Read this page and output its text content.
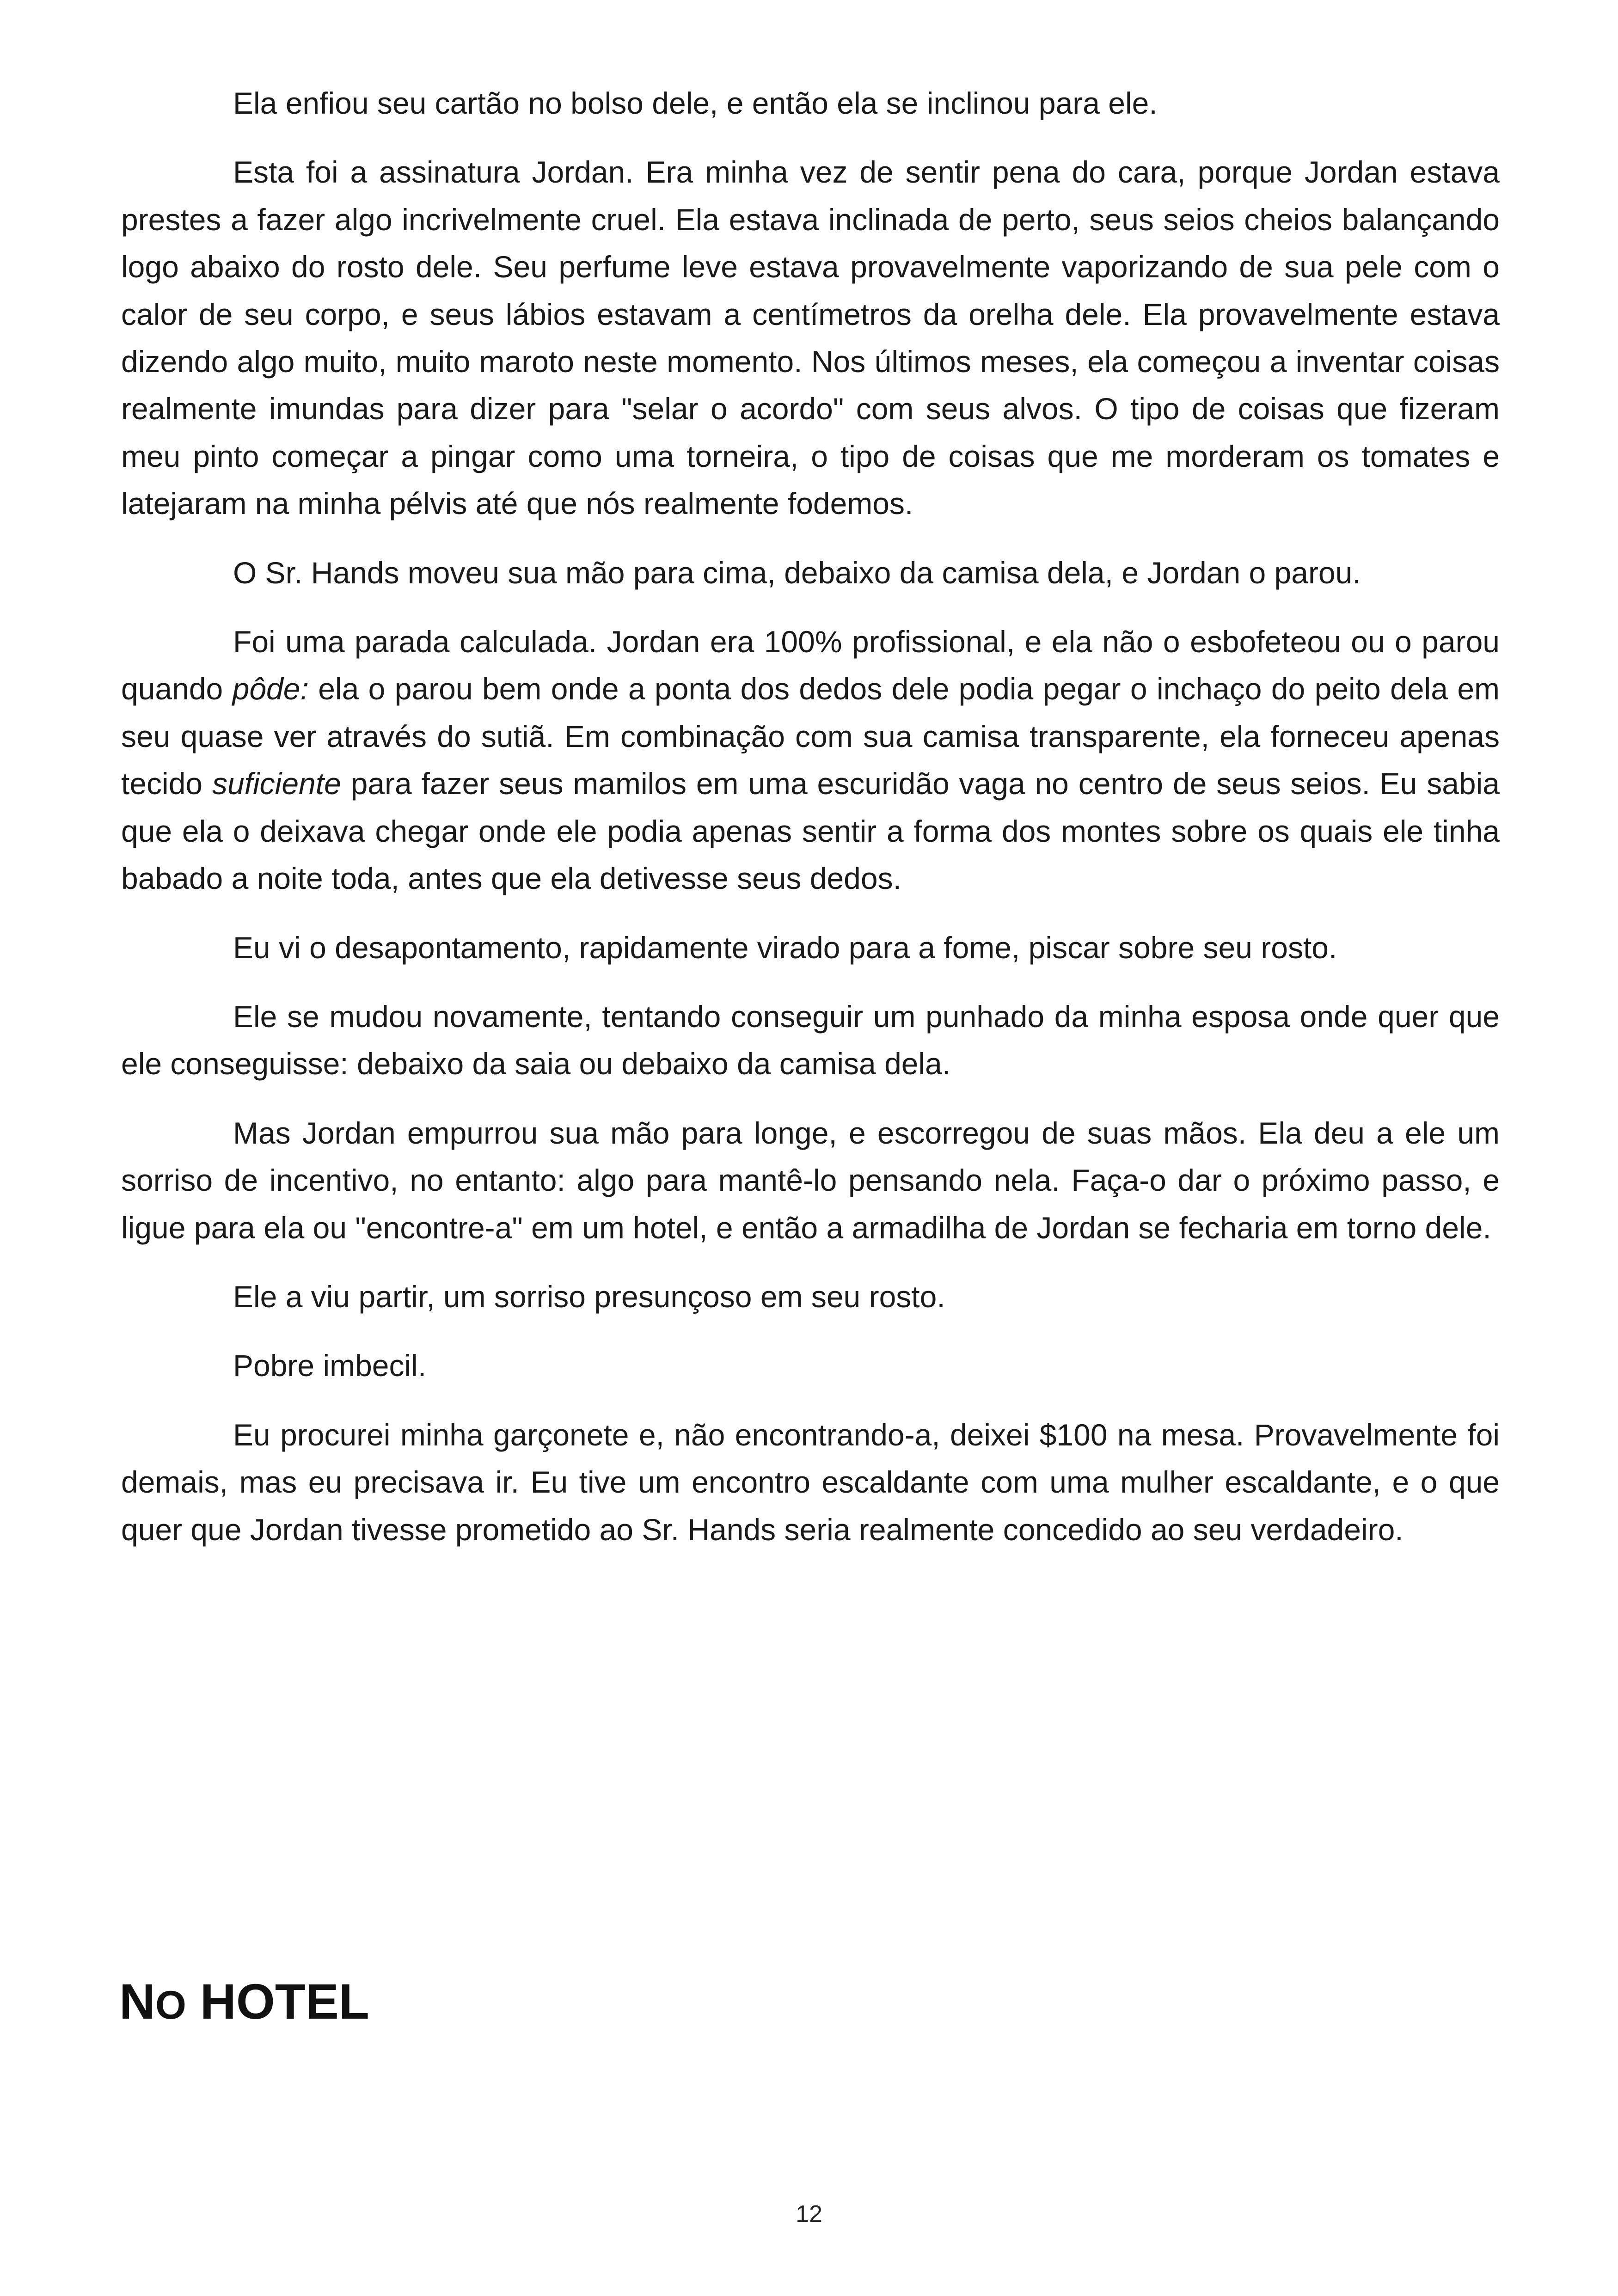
Ela enfiou seu cartão no bolso dele, e então ela se inclinou para ele.

Esta foi a assinatura Jordan. Era minha vez de sentir pena do cara, porque Jordan estava prestes a fazer algo incrivelmente cruel. Ela estava inclinada de perto, seus seios cheios balançando logo abaixo do rosto dele. Seu perfume leve estava provavelmente vaporizando de sua pele com o calor de seu corpo, e seus lábios estavam a centímetros da orelha dele. Ela provavelmente estava dizendo algo muito, muito maroto neste momento. Nos últimos meses, ela começou a inventar coisas realmente imundas para dizer para "selar o acordo" com seus alvos. O tipo de coisas que fizeram meu pinto começar a pingar como uma torneira, o tipo de coisas que me morderam os tomates e latejaram na minha pélvis até que nós realmente fodemos.

O Sr. Hands moveu sua mão para cima, debaixo da camisa dela, e Jordan o parou.

Foi uma parada calculada. Jordan era 100% profissional, e ela não o esbofeteou ou o parou quando pôde: ela o parou bem onde a ponta dos dedos dele podia pegar o inchaço do peito dela em seu quase ver através do sutiã. Em combinação com sua camisa transparente, ela forneceu apenas tecido suficiente para fazer seus mamilos em uma escuridão vaga no centro de seus seios. Eu sabia que ela o deixava chegar onde ele podia apenas sentir a forma dos montes sobre os quais ele tinha babado a noite toda, antes que ela detivesse seus dedos.

Eu vi o desapontamento, rapidamente virado para a fome, piscar sobre seu rosto.

Ele se mudou novamente, tentando conseguir um punhado da minha esposa onde quer que ele conseguisse: debaixo da saia ou debaixo da camisa dela.

Mas Jordan empurrou sua mão para longe, e escorregou de suas mãos. Ela deu a ele um sorriso de incentivo, no entanto: algo para mantê-lo pensando nela. Faça-o dar o próximo passo, e ligue para ela ou "encontre-a" em um hotel, e então a armadilha de Jordan se fecharia em torno dele.

Ele a viu partir, um sorriso presunçoso em seu rosto.

Pobre imbecil.

Eu procurei minha garçonete e, não encontrando-a, deixei $100 na mesa. Provavelmente foi demais, mas eu precisava ir. Eu tive um encontro escaldante com uma mulher escaldante, e o que quer que Jordan tivesse prometido ao Sr. Hands seria realmente concedido ao seu verdadeiro.

NO HOTEL
12
